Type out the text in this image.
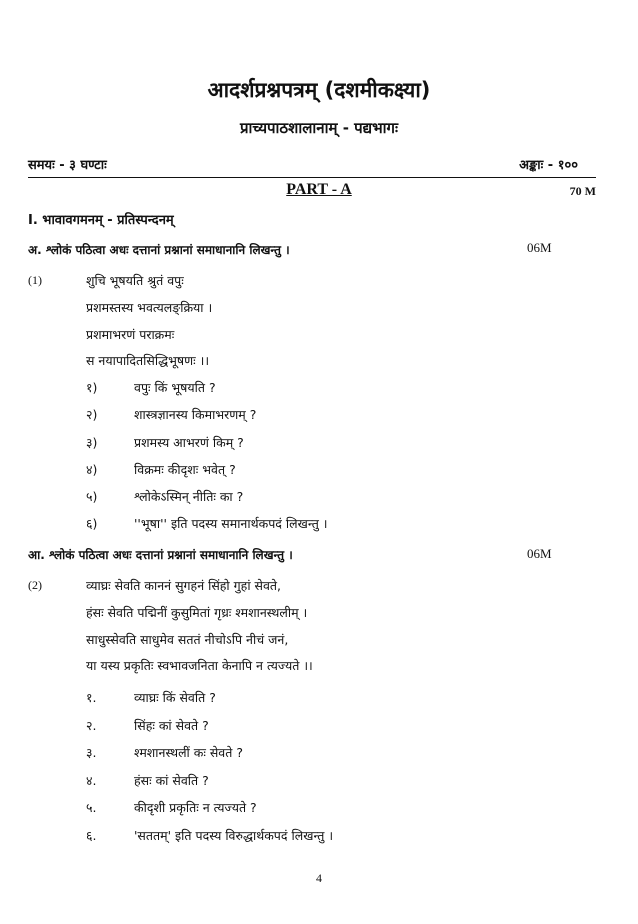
आदर्शप्रश्नपत्रम् (दशमीकक्ष्या)
प्राच्यपाठशालानाम् - पद्यभागः
समयः - ३ घण्टाः	अङ्काः - १००
PART - A	70 M
I. भावावगमनम् - प्रतिस्पन्दनम्
अ. श्लोकं पठित्वा अधः दत्तानां प्रश्नानां समाधानानि लिखन्तु ।	06M
(1)	शुचि भूषयति श्रुतं वपुः
प्रशमस्तस्य भवत्यलङ्क्रिया ।
प्रशमाभरणं पराक्रमः
स नयापादितसिद्धिभूषणः ।।
१)	वपुः किं भूषयति ?
२)	शास्त्रज्ञानस्य किमाभरणम् ?
३)	प्रशमस्य आभरणं किम् ?
४)	विक्रमः कीदृशः भवेत् ?
५)	श्लोकेऽस्मिन् नीतिः का ?
६)	''भूषा'' इति पदस्य समानार्थकपदं लिखन्तु ।
आ. श्लोकं पठित्वा अधः दत्तानां प्रश्नानां समाधानानि लिखन्तु ।	06M
(2)	व्याघ्रः सेवति काननं सुगहनं सिंहो गुहां सेवते,
हंसः सेवति पद्मिनीं कुसुमितां गृध्रः श्मशानस्थलीम् ।
साधुस्सेवति साधुमेव सततं नीचोऽपि नीचं जनं,
या यस्य प्रकृतिः स्वभावजनिता केनापि न त्यज्यते ।।
१.	व्याघ्रः किं सेवति ?
२.	सिंहः कां सेवते ?
३.	श्मशानस्थलीं कः सेवते ?
४.	हंसः कां सेवति ?
५.	कीदृशी प्रकृतिः न त्यज्यते ?
६.	'सततम्' इति पदस्य विरुद्धार्थकपदं लिखन्तु ।
4
